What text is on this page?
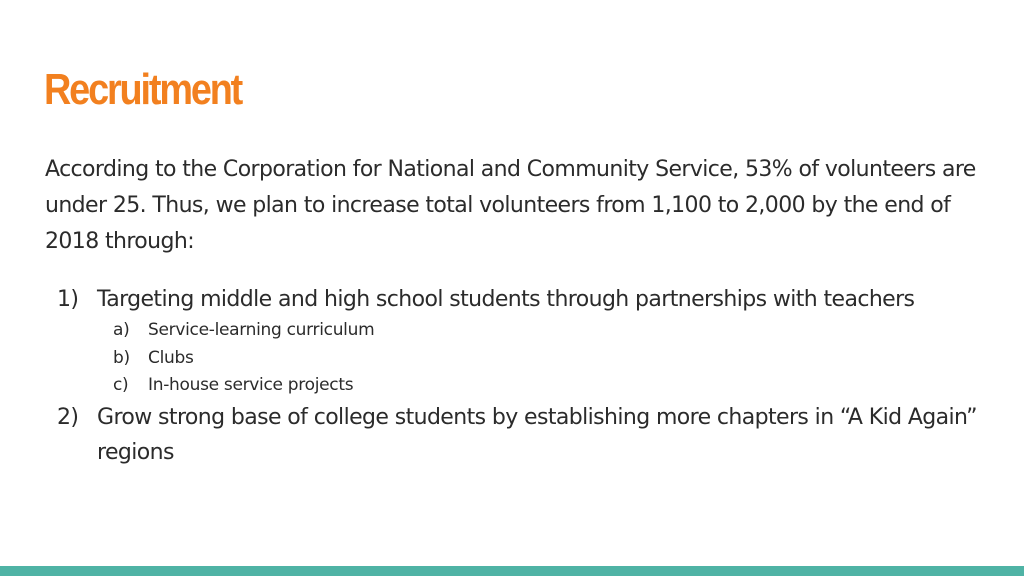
Recruitment

According to the Corporation for National and Community Service, 53% of volunteers are under 25. Thus, we plan to increase total volunteers from 1,100 to 2,000 by the end of 2018 through:

1) Targeting middle and high school students through partnerships with teachers
a) Service-learning curriculum
b) Clubs
c) In-house service projects
2) Grow strong base of college students by establishing more chapters in “A Kid Again” regions
